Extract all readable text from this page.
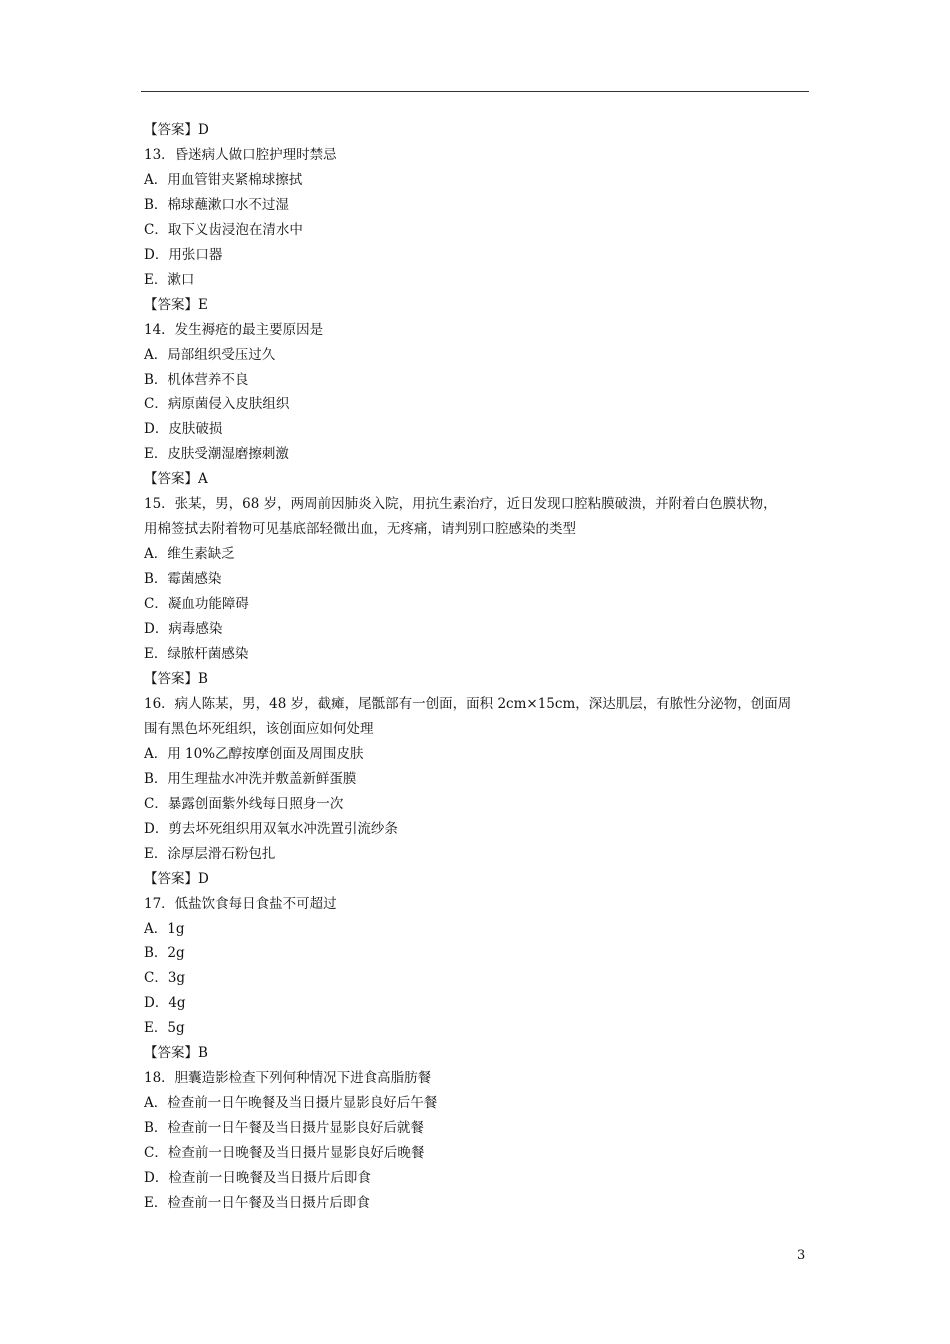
【答案】D
13．昏迷病人做口腔护理时禁忌
A．用血管钳夹紧棉球擦拭
B．棉球蘸漱口水不过湿
C．取下义齿浸泡在清水中
D．用张口器
E．漱口
【答案】E
14．发生褥疮的最主要原因是
A．局部组织受压过久
B．机体营养不良
C．病原菌侵入皮肤组织
D．皮肤破损
E．皮肤受潮湿磨擦刺激
【答案】A
15．张某，男，68 岁，两周前因肺炎入院，用抗生素治疗，近日发现口腔粘膜破溃，并附着白色膜状物，
用棉签拭去附着物可见基底部轻微出血，无疼痛，请判别口腔感染的类型
A．维生素缺乏
B．霉菌感染
C．凝血功能障碍
D．病毒感染
E．绿脓杆菌感染
【答案】B
16．病人陈某，男，48 岁，截瘫，尾骶部有一创面，面积 2cm×15cm，深达肌层，有脓性分泌物，创面周
围有黑色坏死组织，该创面应如何处理
A．用 10%乙醇按摩创面及周围皮肤
B．用生理盐水冲洗并敷盖新鲜蛋膜
C．暴露创面紫外线每日照身一次
D．剪去坏死组织用双氧水冲洗置引流纱条
E．涂厚层滑石粉包扎
【答案】D
17．低盐饮食每日食盐不可超过
A．1g
B．2g
C．3g
D．4g
E．5g
【答案】B
18．胆囊造影检查下列何种情况下进食高脂肪餐
A．检查前一日午晚餐及当日摄片显影良好后午餐
B．检查前一日午餐及当日摄片显影良好后就餐
C．检查前一日晚餐及当日摄片显影良好后晚餐
D．检查前一日晚餐及当日摄片后即食
E．检查前一日午餐及当日摄片后即食
3
